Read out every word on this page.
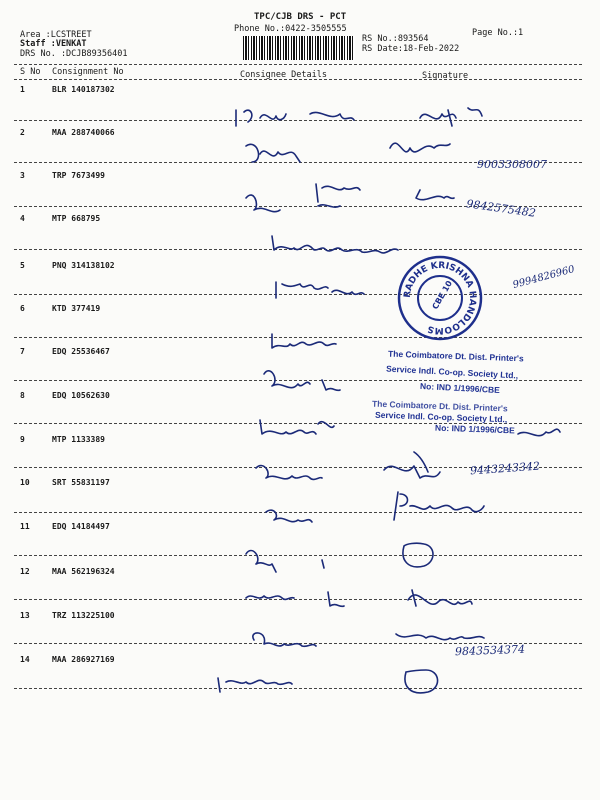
TPC/CJB DRS - PCT
Phone No.:0422-3505555	Page No.:1
Area :LCSTREET
Staff :VENKAT
DRS No. :DCJB89356401
RS No.:893564
RS Date:18-Feb-2022
S No Consignment No	Consignee Details	Signature
1	BLR 140187302
2	MAA 288740066
3	TRP 7673499
4	MTP 668795
5	PNQ 314138102
6	KTD 377419
7	EDQ 25536467
8	EDQ 10562630
9	MTP 1133389
10	SRT 55831197
11	EDQ 14184497
12	MAA 562196324
13	TRZ 113225100
14	MAA 286927169
9003308007
9842575482
9994826960
9443243342
9843534374
The Coimbatore Dt. Dist. Printer's
Service Indl. Co-op. Society Ltd.,
No: IND 1/1996/CBE
The Coimbatore Dt. Dist. Printer's
Service Indl. Co-op. Society Ltd.,
No: IND 1/1996/CBE
RADHE KRISHNA HANDLOOMS
CBE 10
